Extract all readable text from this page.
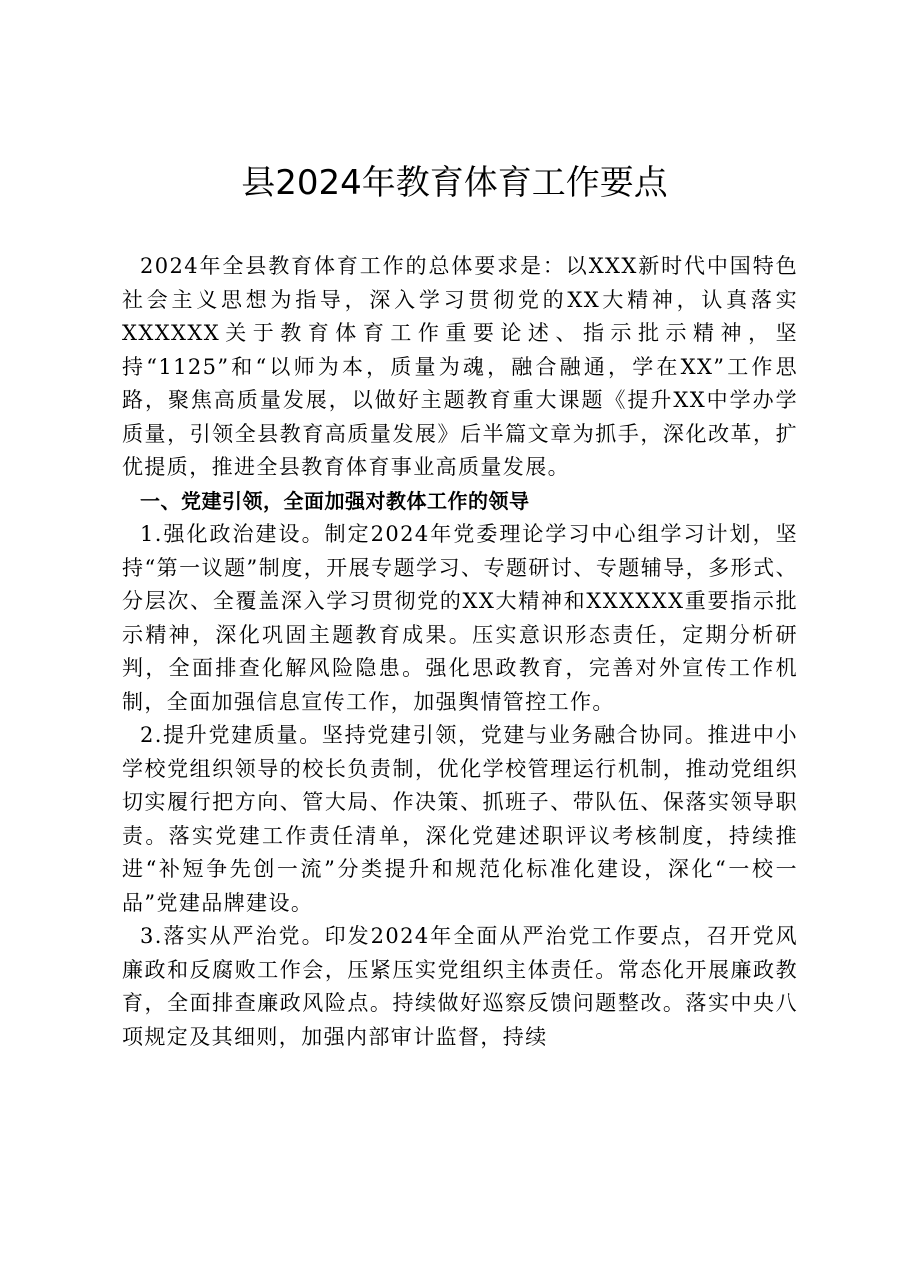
县2024年教育体育工作要点

2024年全县教育体育工作的总体要求是：以XXX新时代中国特色社会主义思想为指导，深入学习贯彻党的XX大精神，认真落实XXXXXX关于教育体育工作重要论述、指示批示精神，坚持“1125”和“以师为本，质量为魂，融合融通，学在XX”工作思路，聚焦高质量发展，以做好主题教育重大课题《提升XX中学办学质量，引领全县教育高质量发展》后半篇文章为抓手，深化改革，扩优提质，推进全县教育体育事业高质量发展。

一、党建引领，全面加强对教体工作的领导

1.强化政治建设。制定2024年党委理论学习中心组学习计划，坚持“第一议题”制度，开展专题学习、专题研讨、专题辅导，多形式、分层次、全覆盖深入学习贯彻党的XX大精神和XXXXXX重要指示批示精神，深化巩固主题教育成果。压实意识形态责任，定期分析研判，全面排查化解风险隐患。强化思政教育，完善对外宣传工作机制，全面加强信息宣传工作，加强舆情管控工作。

2.提升党建质量。坚持党建引领，党建与业务融合协同。推进中小学校党组织领导的校长负责制，优化学校管理运行机制，推动党组织切实履行把方向、管大局、作决策、抓班子、带队伍、保落实领导职责。落实党建工作责任清单，深化党建述职评议考核制度，持续推进“补短争先创一流”分类提升和规范化标准化建设，深化“一校一品”党建品牌建设。

3.落实从严治党。印发2024年全面从严治党工作要点，召开党风廉政和反腐败工作会，压紧压实党组织主体责任。常态化开展廉政教育，全面排查廉政风险点。持续做好巡察反馈问题整改。落实中央八项规定及其细则，加强内部审计监督，持续
